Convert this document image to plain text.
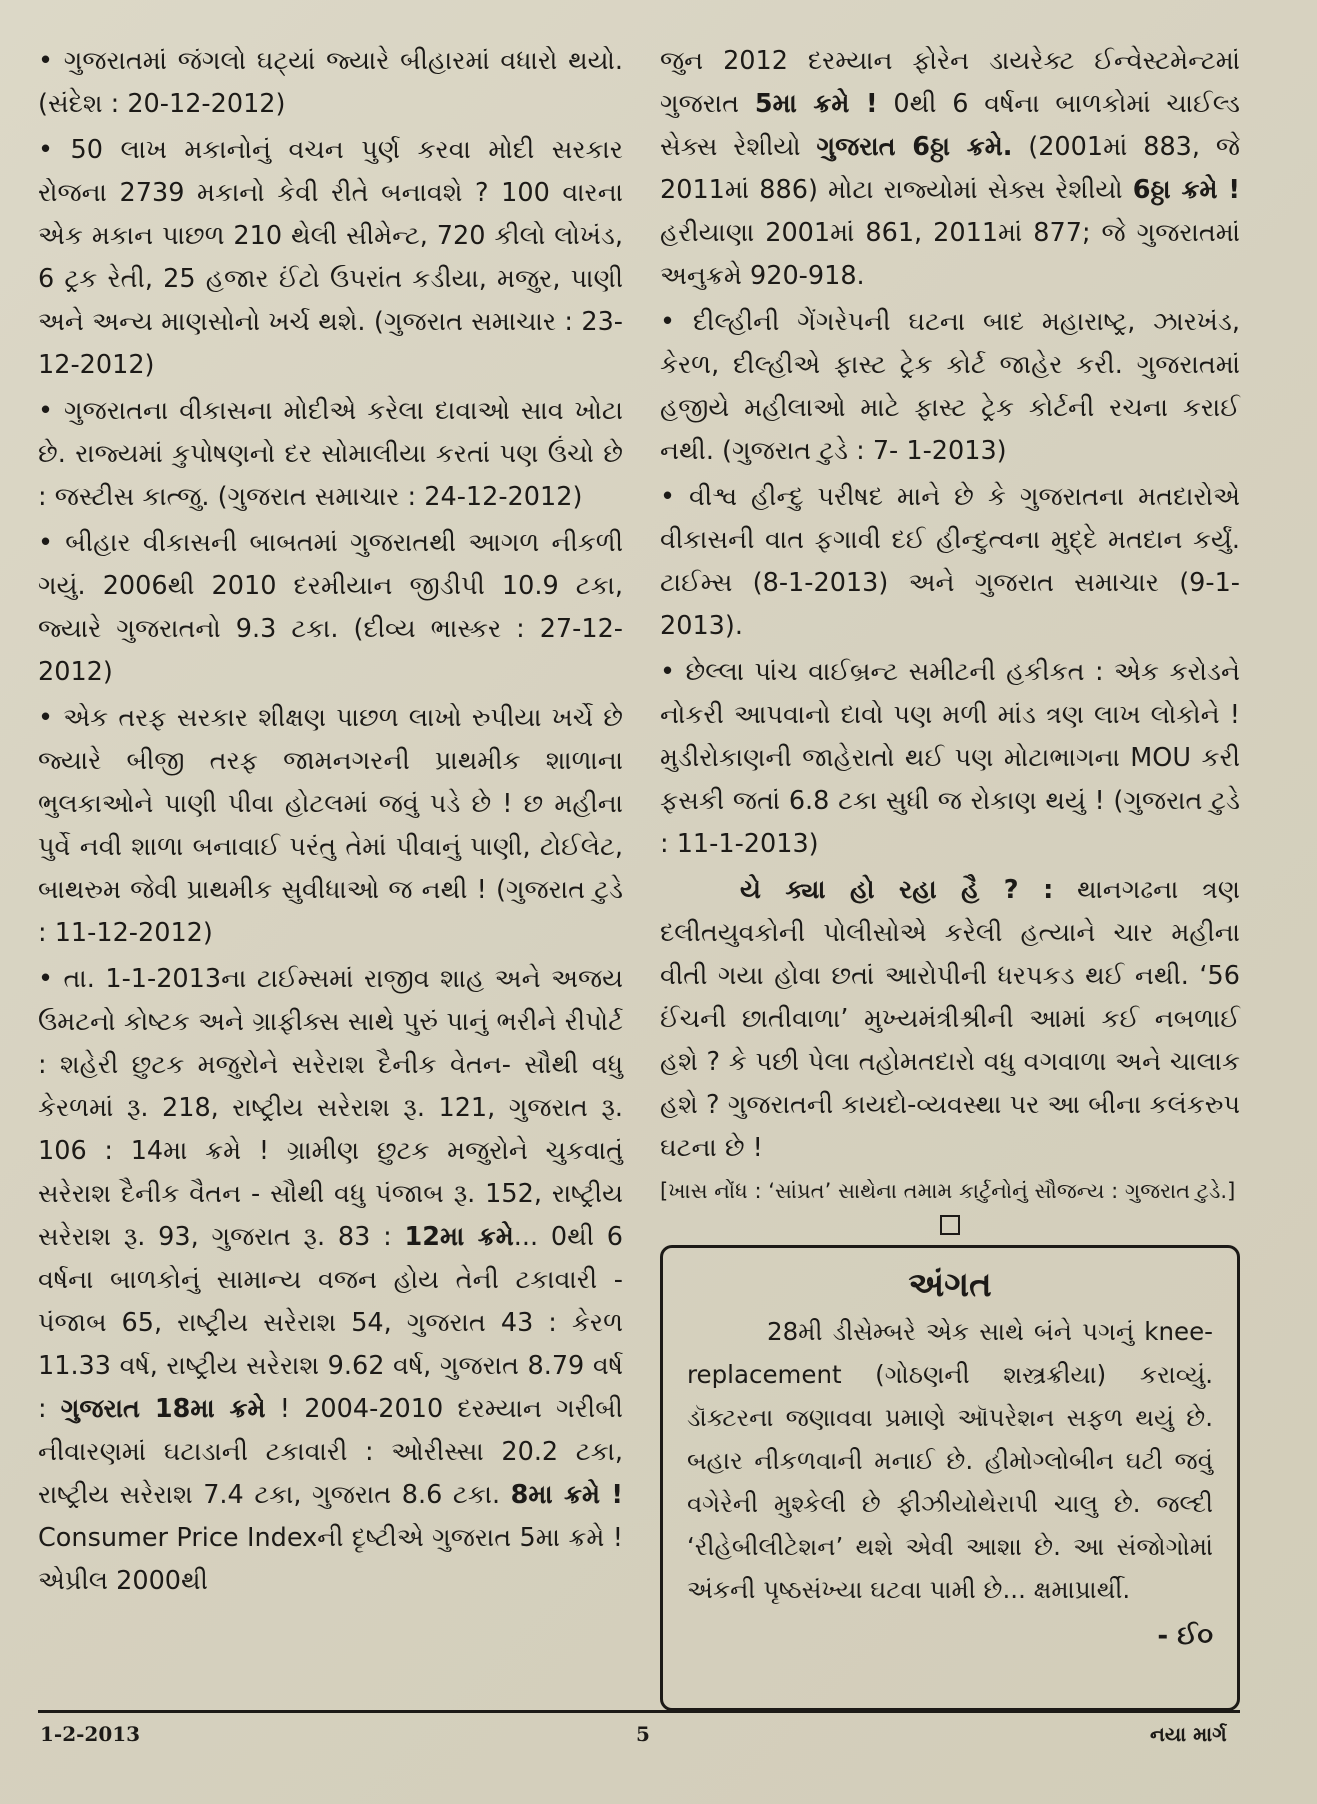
• ગુજરાતમાં જંગલો ઘટ્યાં જ્યારે બીહારમાં વધારો થયો. (સંદેશ : 20-12-2012)

• 50 લાખ મકાનોનું વચન પુર્ણ કરવા મોદી સરકાર રોજના 2739 મકાનો કેવી રીતે બનાવશે ? 100 વારના એક મકાન પાછળ 210 થેલી સીમેન્ટ, 720 કીલો લોખંડ, 6 ટ્રક રેતી, 25 હજાર ઈંટો ઉપરાંત કડીયા, મજુર, પાણી અને અન્ય માણસોનો ખર્ચ થશે. (ગુજરાત સમાચાર : 23-12-2012)

• ગુજરાતના વીકાસના મોદીએ કરેલા દાવાઓ સાવ ખોટા છે. રાજ્યમાં કુપોષણનો દર સોમાલીયા કરતાં પણ ઉંચો છે : જસ્ટીસ કાત્જુ. (ગુજરાત સમાચાર : 24-12-2012)

• બીહાર વીકાસની બાબતમાં ગુજરાતથી આગળ નીકળી ગયું. 2006થી 2010 દરમીયાન જીડીપી 10.9 ટકા, જ્યારે ગુજરાતનો 9.3 ટકા. (દીવ્ય ભાસ્કર : 27-12-2012)

• એક તરફ સરકાર શીક્ષણ પાછળ લાખો રુપીયા ખર્ચે છે જ્યારે બીજી તરફ જામનગરની પ્રાથમીક શાળાના ભુલકાઓને પાણી પીવા હોટલમાં જવું પડે છે ! છ મહીના પુર્વે નવી શાળા બનાવાઈ પરંતુ તેમાં પીવાનું પાણી, ટોઈલેટ, બાથરુમ જેવી પ્રાથમીક સુવીધાઓ જ નથી ! (ગુજરાત ટુડે : 11-12-2012)

• તા. 1-1-2013ના ટાઈમ્સમાં રાજીવ શાહ અને અજય ઉમટનો કોષ્ટક અને ગ્રાફીક્સ સાથે પુરું પાનું ભરીને રીપોર્ટ : શહેરી છુટક મજુરોને સરેરાશ દૈનીક વેતન- સૌથી વધુ કેરળમાં રૂ. 218, રાષ્ટ્રીય સરેરાશ રૂ. 121, ગુજરાત રૂ. 106 : 14મા ક્રમે ! ગ્રામીણ છુટક મજુરોને ચુકવાતું સરેરાશ દૈનીક વૈતન - સૌથી વધુ પંજાબ રૂ. 152, રાષ્ટ્રીય સરેરાશ રૂ. 93, ગુજરાત રૂ. 83 : 12મા ક્રમે... 0થી 6 વર્ષના બાળકોનું સામાન્ય વજન હોય તેની ટકાવારી - પંજાબ 65, રાષ્ટ્રીય સરેરાશ 54, ગુજરાત 43 : કેરળ 11.33 વર્ષ, રાષ્ટ્રીય સરેરાશ 9.62 વર્ષ, ગુજરાત 8.79 વર્ષ : ગુજરાત 18મા ક્રમે ! 2004-2010 દરમ્યાન ગરીબી નીવારણમાં ઘટાડાની ટકાવારી : ઓરીસ્સા 20.2 ટકા, રાષ્ટ્રીય સરેરાશ 7.4 ટકા, ગુજરાત 8.6 ટકા. 8મા ક્રમે ! Consumer Price Indexની દૃષ્ટીએ ગુજરાત 5મા ક્રમે ! એપ્રીલ 2000થી

જુન 2012 દરમ્યાન ફોરેન ડાયરેક્ટ ઈન્વેસ્ટમેન્ટમાં ગુજરાત 5મા ક્રમે ! 0થી 6 વર્ષના બાળકોમાં ચાઈલ્ડ સેક્સ રેશીયો ગુજરાત 6ઠ્ઠા ક્રમે. (2001માં 883, જે 2011માં 886) મોટા રાજ્યોમાં સેક્સ રેશીયો 6ઠ્ઠા ક્રમે ! હરીયાણા 2001માં 861, 2011માં 877; જે ગુજરાતમાં અનુક્રમે 920-918.

• દીલ્હીની ગેંગરેપની ઘટના બાદ મહારાષ્ટ્ર, ઝારખંડ, કેરળ, દીલ્હીએ ફાસ્ટ ટ્રેક કોર્ટ જાહેર કરી. ગુજરાતમાં હજીયે મહીલાઓ માટે ફાસ્ટ ટ્રેક કોર્ટની રચના કરાઈ નથી. (ગુજરાત ટુડે : 7- 1-2013)

• વીશ્વ હીન્દુ પરીષદ માને છે કે ગુજરાતના મતદારોએ વીકાસની વાત ફગાવી દઈ હીન્દુત્વના મુદ્દે મતદાન કર્યું. ટાઈમ્સ (8-1-2013) અને ગુજરાત સમાચાર (9-1-2013).

• છેલ્લા પાંચ વાઈબ્રન્ટ સમીટની હકીકત : એક કરોડને નોકરી આપવાનો દાવો પણ મળી માંડ ત્રણ લાખ લોકોને ! મુડીરોકાણની જાહેરાતો થઈ પણ મોટાભાગના MOU કરી ફસકી જતાં 6.8 ટકા સુધી જ રોકાણ થયું ! (ગુજરાત ટુડે : 11-1-2013)

યે ક્યા હો રહા હૈ ? : થાનગઢના ત્રણ દલીતયુવકોની પોલીસોએ કરેલી હત્યાને ચાર મહીના વીતી ગયા હોવા છતાં આરોપીની ધરપકડ થઈ નથી. ‘56 ઈંચની છાતીવાળા’ મુખ્યમંત્રીશ્રીની આમાં કઈ નબળાઈ હશે ? કે પછી પેલા તહોમતદારો વધુ વગવાળા અને ચાલાક હશે ? ગુજરાતની કાયદો-વ્યવસ્થા પર આ બીના કલંકરુપ ઘટના છે !

[ખાસ નોંધ : ‘સાંપ્રત’ સાથેના તમામ કાર્ટુનોનું સૌજન્ય : ગુજરાત ટુડે.]

અંગત
28મી ડીસેમ્બરે એક સાથે બંને પગનું knee-replacement (ગોઠણની શસ્ત્રક્રીયા) કરાવ્યું. ડૉક્ટરના જણાવવા પ્રમાણે ઑપરેશન સફળ થયું છે. બહાર નીકળવાની મનાઈ છે. હીમોગ્લોબીન ઘટી જવું વગેરેની મુશ્કેલી છે ફીઝીયોથેરાપી ચાલુ છે. જલ્દી ‘રીહેબીલીટેશન’ થશે એવી આશા છે. આ સંજોગોમાં અંકની પૃષ્ઠસંખ્યા ઘટવા પામી છે... ક્ષમાપ્રાર્થી.
- ઈ૦
1-2-2013	5	નયા માર્ગ
